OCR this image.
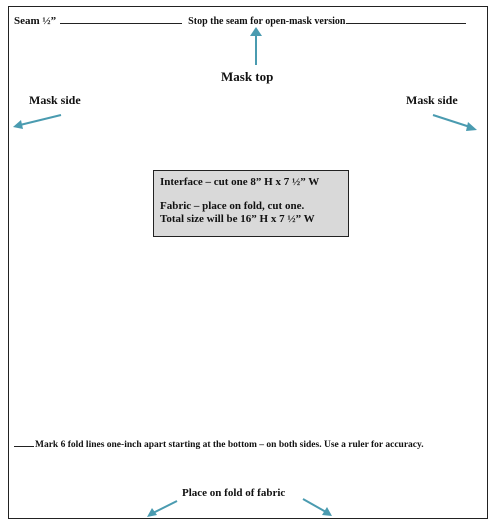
Seam ½”	Stop the seam for open-mask version
Mask top
Mask side	Mask side
Interface – cut one 8” H x 7 ½” W
Fabric – place on fold, cut one.
Total size will be 16” H x 7 ½” W
Mark 6 fold lines one-inch apart starting at the bottom – on both sides. Use a ruler for accuracy.
Place on fold of fabric
